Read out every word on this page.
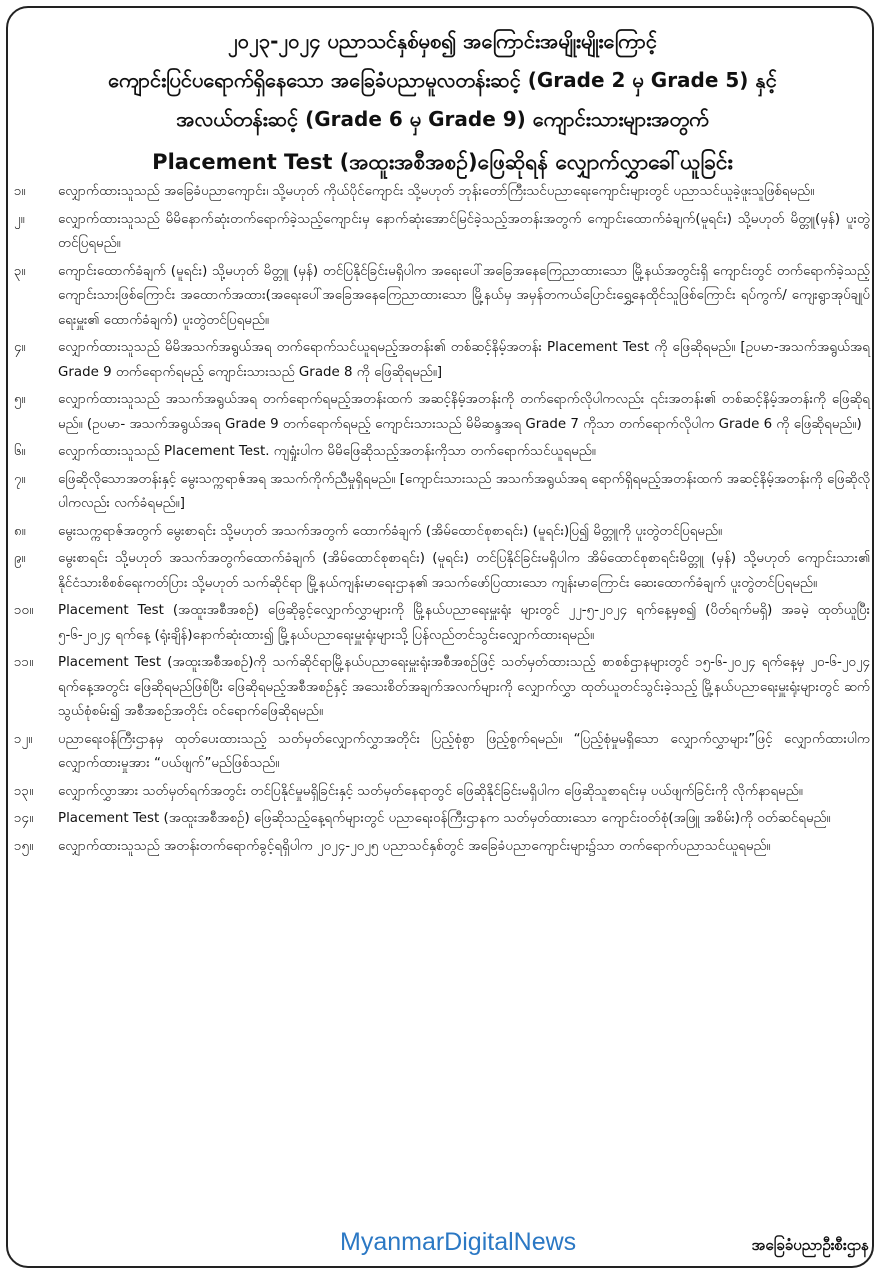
၂၀၂၃-၂၀၂၄ ပညာသင်နှစ်မှစ၍ အကြောင်းအမျိုးမျိုးကြောင့်
ကျောင်းပြင်ပရောက်ရှိနေသော အခြေခံပညာမူလတန်းဆင့် (Grade 2 မှ Grade 5) နှင့်
အလယ်တန်းဆင့် (Grade 6 မှ Grade 9) ကျောင်းသားများအတွက်
Placement Test (အထူးအစီအစဉ်)ဖြေဆိုရန် လျှောက်လွှာခေါ်ယူခြင်း
၁။	လျှောက်ထားသူသည် အခြေခံပညာကျောင်း၊ သို့မဟုတ် ကိုယ်ပိုင်ကျောင်း သို့မဟုတ် ဘုန်းတော်ကြီးသင်ပညာရေးကျောင်းများတွင် ပညာသင်ယူခဲ့ဖူးသူဖြစ်ရမည်။
၂။	လျှောက်ထားသူသည် မိမိနောက်ဆုံးတက်ရောက်ခဲ့သည့်ကျောင်းမှ နောက်ဆုံးအောင်မြင်ခဲ့သည့်အတန်းအတွက် ကျောင်းထောက်ခံချက်(မူရင်း) သို့မဟုတ် မိတ္တူ(မှန်) ပူးတွဲတင်ပြရမည်။
၃။	ကျောင်းထောက်ခံချက် (မူရင်း) သို့မဟုတ် မိတ္တူ (မှန်) တင်ပြနိုင်ခြင်းမရှိပါက အရေးပေါ်အခြေအနေကြေညာထားသော မြို့နယ်အတွင်းရှိ ကျောင်းတွင် တက်ရောက်ခဲ့သည့် ကျောင်းသားဖြစ်ကြောင်း အထောက်အထား(အရေးပေါ်အခြေအနေကြေညာထားသော မြို့နယ်မှ အမှန်တကယ်ပြောင်းရွှေ့နေထိုင်သူဖြစ်ကြောင်း ရပ်ကွက်/ ကျေးရွာအုပ်ချုပ်ရေးမှူး၏ ထောက်ခံချက်) ပူးတွဲတင်ပြရမည်။
၄။	လျှောက်ထားသူသည် မိမိအသက်အရွယ်အရ တက်ရောက်သင်ယူရမည့်အတန်း၏ တစ်ဆင့်နိမ့်အတန်း Placement Test ကို ဖြေဆိုရမည်။ [ဥပမာ-အသက်အရွယ်အရ Grade 9 တက်ရောက်ရမည့် ကျောင်းသားသည် Grade 8 ကို ဖြေဆိုရမည်။]
၅။	လျှောက်ထားသူသည် အသက်အရွယ်အရ တက်ရောက်ရမည့်အတန်းထက် အဆင့်နိမ့်အတန်းကို တက်ရောက်လိုပါကလည်း ၎င်းအတန်း၏ တစ်ဆင့်နိမ့်အတန်းကို ဖြေဆိုရမည်။ (ဥပမာ- အသက်အရွယ်အရ Grade 9 တက်ရောက်ရမည့် ကျောင်းသားသည် မိမိဆန္ဒအရ Grade 7 ကိုသာ တက်ရောက်လိုပါက Grade 6 ကို ဖြေဆိုရမည်။)
၆။	လျှောက်ထားသူသည် Placement Test. ကျရှုံးပါက မိမိဖြေဆိုသည့်အတန်းကိုသာ တက်ရောက်သင်ယူရမည်။
၇။	ဖြေဆိုလိုသောအတန်းနှင့် မွေးသက္ကရာဇ်အရ အသက်ကိုက်ညီမှုရှိရမည်။ [ကျောင်းသားသည် အသက်အရွယ်အရ ရောက်ရှိရမည့်အတန်းထက် အဆင့်နိမ့်အတန်းကို ဖြေဆိုလိုပါကလည်း လက်ခံရမည်။]
၈။	မွေးသက္ကရာဇ်အတွက် မွေးစာရင်း သို့မဟုတ် အသက်အတွက် ထောက်ခံချက် (အိမ်ထောင်စုစာရင်း) (မူရင်း)ပြ၍ မိတ္တူကို ပူးတွဲတင်ပြရမည်။
၉။	မွေးစာရင်း သို့မဟုတ် အသက်အတွက်ထောက်ခံချက် (အိမ်ထောင်စုစာရင်း) (မူရင်း) တင်ပြနိုင်ခြင်းမရှိပါက အိမ်ထောင်စုစာရင်းမိတ္တူ (မှန်) သို့မဟုတ် ကျောင်းသား၏ နိုင်ငံသားစိစစ်ရေးကတ်ပြား သို့မဟုတ် သက်ဆိုင်ရာ မြို့နယ်ကျန်းမာရေးဌာန၏ အသက်ဖော်ပြထားသော ကျန်းမာကြောင်း ဆေးထောက်ခံချက် ပူးတွဲတင်ပြရမည်။
၁၀။	Placement Test (အထူးအစီအစဉ်) ဖြေဆိုခွင့်လျှောက်လွှာများကို မြို့နယ်ပညာရေးမှူးရုံး များတွင် ၂၂-၅-၂၀၂၄ ရက်နေ့မှစ၍ (ပိတ်ရက်မရှိ) အခမဲ့ ထုတ်ယူပြီး ၅-၆-၂၀၂၄ ရက်နေ့ (ရုံးချိန်)နောက်ဆုံးထား၍ မြို့နယ်ပညာရေးမှူးရုံးများသို့ ပြန်လည်တင်သွင်းလျှောက်ထားရမည်။
၁၁။	Placement Test (အထူးအစီအစဉ်)ကို သက်ဆိုင်ရာမြို့နယ်ပညာရေးမှူးရုံးအစီအစဉ်ဖြင့် သတ်မှတ်ထားသည့် စာစစ်ဌာနများတွင် ၁၅-၆-၂၀၂၄ ရက်နေ့မှ ၂၀-၆-၂၀၂၄ ရက်နေ့အတွင်း ဖြေဆိုရမည်ဖြစ်ပြီး ဖြေဆိုရမည့်အစီအစဉ်နှင့် အသေးစိတ်အချက်အလက်များကို လျှောက်လွှာ ထုတ်ယူတင်သွင်းခဲ့သည့် မြို့နယ်ပညာရေးမှူးရုံးများတွင် ဆက်သွယ်စုံစမ်း၍ အစီအစဉ်အတိုင်း ဝင်ရောက်ဖြေဆိုရမည်။
၁၂။	ပညာရေးဝန်ကြီးဌာနမှ ထုတ်ပေးထားသည့် သတ်မှတ်လျှောက်လွှာအတိုင်း ပြည့်စုံစွာ ဖြည့်စွက်ရမည်။ “ပြည့်စုံမှုမရှိသော လျှောက်လွှာများ”ဖြင့် လျှောက်ထားပါက လျှောက်ထားမှုအား “ပယ်ဖျက်”မည်ဖြစ်သည်။
၁၃။	လျှောက်လွှာအား သတ်မှတ်ရက်အတွင်း တင်ပြနိုင်မှုမရှိခြင်းနှင့် သတ်မှတ်နေရာတွင် ဖြေဆိုနိုင်ခြင်းမရှိပါက ဖြေဆိုသူစာရင်းမှ ပယ်ဖျက်ခြင်းကို လိုက်နာရမည်။
၁၄။	Placement Test (အထူးအစီအစဉ်) ဖြေဆိုသည့်နေ့ရက်များတွင် ပညာရေးဝန်ကြီးဌာနက သတ်မှတ်ထားသော ကျောင်းဝတ်စုံ(အဖြူ အစိမ်း)ကို ဝတ်ဆင်ရမည်။
၁၅။	လျှောက်ထားသူသည် အတန်းတက်ရောက်ခွင့်ရရှိပါက ၂၀၂၄-၂၀၂၅ ပညာသင်နှစ်တွင် အခြေခံပညာကျောင်းများ၌သာ တက်ရောက်ပညာသင်ယူရမည်။
MyanmarDigitalNews	အခြေခံပညာဦးစီးဌာန
